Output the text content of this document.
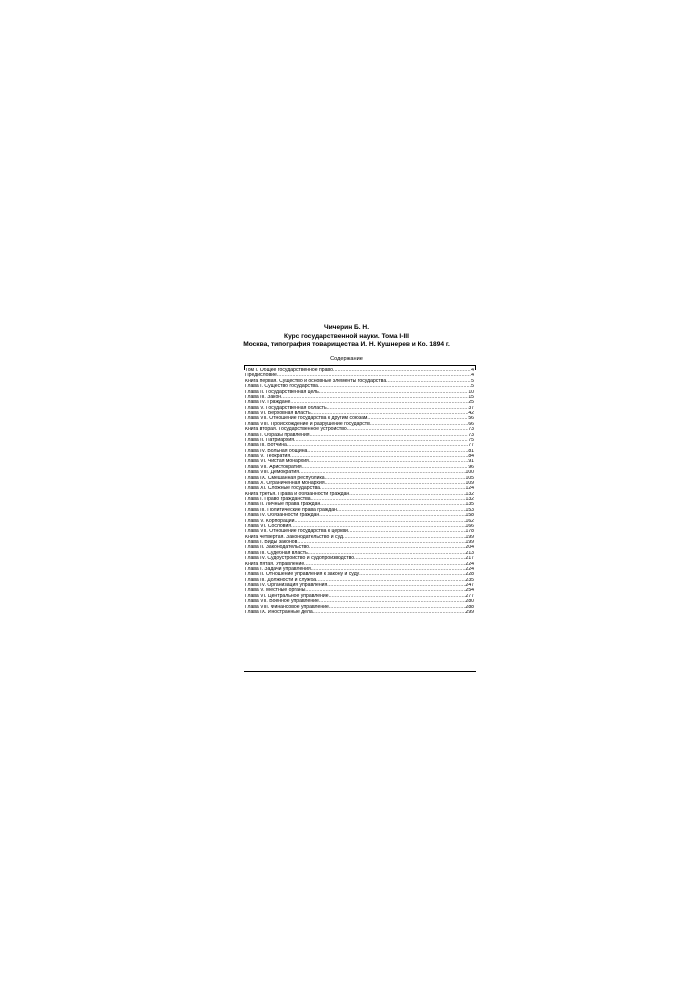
Чичерин Б. Н.
Курс государственной науки. Тома I-III
Москва, типография товарищества И. Н. Кушнерев и Ко. 1894 г.
Содержание
Том I. Общее государственное право .....	4
Предисловие .....	4
Книга первая. Существо и основные элементы государства .....	5
Глава I. Существо государства .....	5
Глава II. Государственная цель .....	10
Глава III. Закон .....	15
Глава IV. Граждане .....	25
Глава V. Государственная область .....	37
Глава VI. Верховная власть .....	42
Глава VII. Отношение государства к другим союзам .....	56
Глава VIII. Происхождение и разрушение государств .....	66
Книга вторая. Государственное устройство .....	73
Глава I. Образы правления .....	73
Глава II. Патриархия .....	75
Глава III. Вотчина .....	77
Глава IV. Вольная община .....	81
Глава V. Теократия .....	84
Глава VI. Чистая монархия .....	91
Глава VII. Аристократия .....	96
Глава VIII. Демократия .....	100
Глава IX. Смешанная республика .....	105
Глава X. Ограниченная монархия .....	109
Глава XI. Сложные государства .....	124
Книга третья. Права и обязанности граждан .....	132
Глава I. Право гражданства .....	132
Глава II. Личные права граждан .....	135
Глава III. Политические права граждан .....	153
Глава IV. Обязанности граждан .....	158
Глава V. Корпорации .....	162
Глава VI. Сословия .....	166
Глава VII. Отношение государства к церкви .....	178
Книга четвертая. Законодательство и суд .....	199
Глава I. Виды законов .....	199
Глава II. Законодательство .....	204
Глава III. Судебная власть .....	213
Глава IV. Судоустройство и судопроизводство .....	217
Книга пятая. Управление .....	224
Глава I. Задачи управления .....	224
Глава II. Отношение управления к закону и суду .....	228
Глава III. Должности и служба .....	235
Глава IV. Организация управления .....	247
Глава V. Местные органы .....	254
Глава VI. Центральное управление .....	277
Глава VII. Военное управление .....	280
Глава VIII. Финансовое управление .....	288
Глава IX. Иностранные дела .....	299
